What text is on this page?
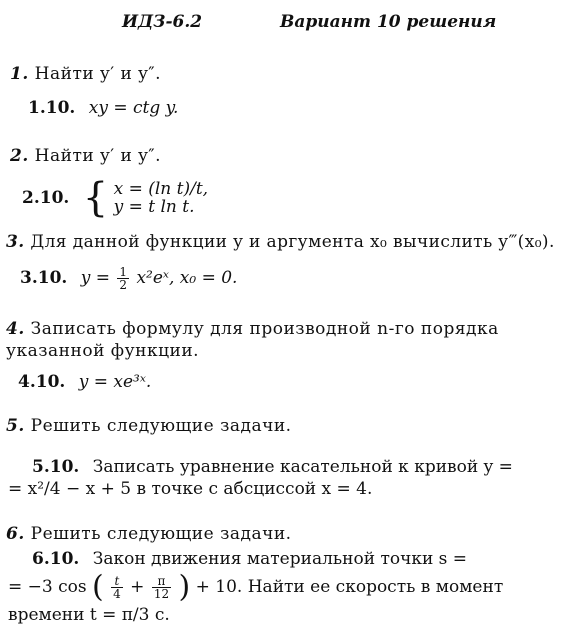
ИДЗ-6.2	Вариант 10 решения
1. Найти y′ и y″.
1.10. xy = ctg y.
2. Найти y′ и y″.
2.10. { x = (ln t)/t,
y = t ln t.
3. Для данной функции y и аргумента x₀ вычислить y‴(x₀).
3.10. $y = \frac{1}{2}$ x²eˣ, x₀ = 0.
4. Записать формулу для производной n-го порядка
указанной функции.
4.10. y = xe³ˣ.
5. Решить следующие задачи.
5.10. Записать уравнение касательной к кривой y =
= x²/4 − x + 5 в точке с абсциссой x = 4.
6. Решить следующие задачи.
6.10. Закон движения материальной точки s =
= −3 cos ( $\frac{t}{4} + \frac{\pi}{12}$ ) + 10. Найти ее скорость в момент
времени t = π/3 с.
